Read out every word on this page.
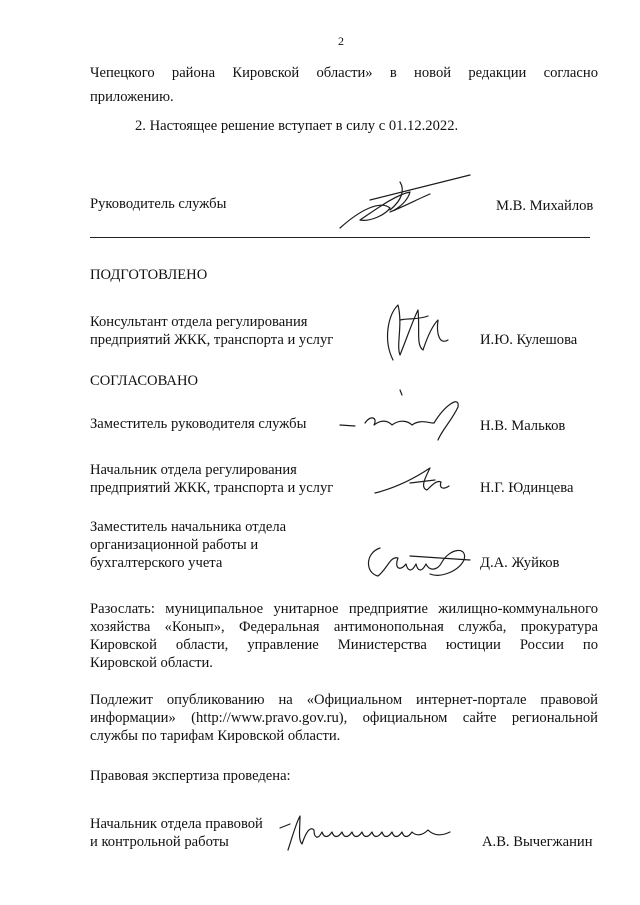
2
Чепецкого района Кировской области» в новой редакции согласно
приложению.
2. Настоящее решение вступает в силу с 01.12.2022.
Руководитель службы	М.В. Михайлов
ПОДГОТОВЛЕНО
Консультант отдела регулирования
предприятий ЖКК, транспорта и услуг	И.Ю. Кулешова
СОГЛАСОВАНО
Заместитель руководителя службы	Н.В. Мальков
Начальник отдела регулирования
предприятий ЖКК, транспорта и услуг	Н.Г. Юдинцева
Заместитель начальника отдела
организационной работы и
бухгалтерского учета	Д.А. Жуйков
Разослать: муниципальное унитарное предприятие жилищно-коммунального
хозяйства «Конып», Федеральная антимонопольная служба, прокуратура
Кировской области, управление Министерства юстиции России по
Кировской области.
Подлежит опубликованию на «Официальном интернет-портале правовой
информации» (http://www.pravo.gov.ru), официальном сайте региональной
службы по тарифам Кировской области.
Правовая экспертиза проведена:
Начальник отдела правовой
и контрольной работы	А.В. Вычегжанин
